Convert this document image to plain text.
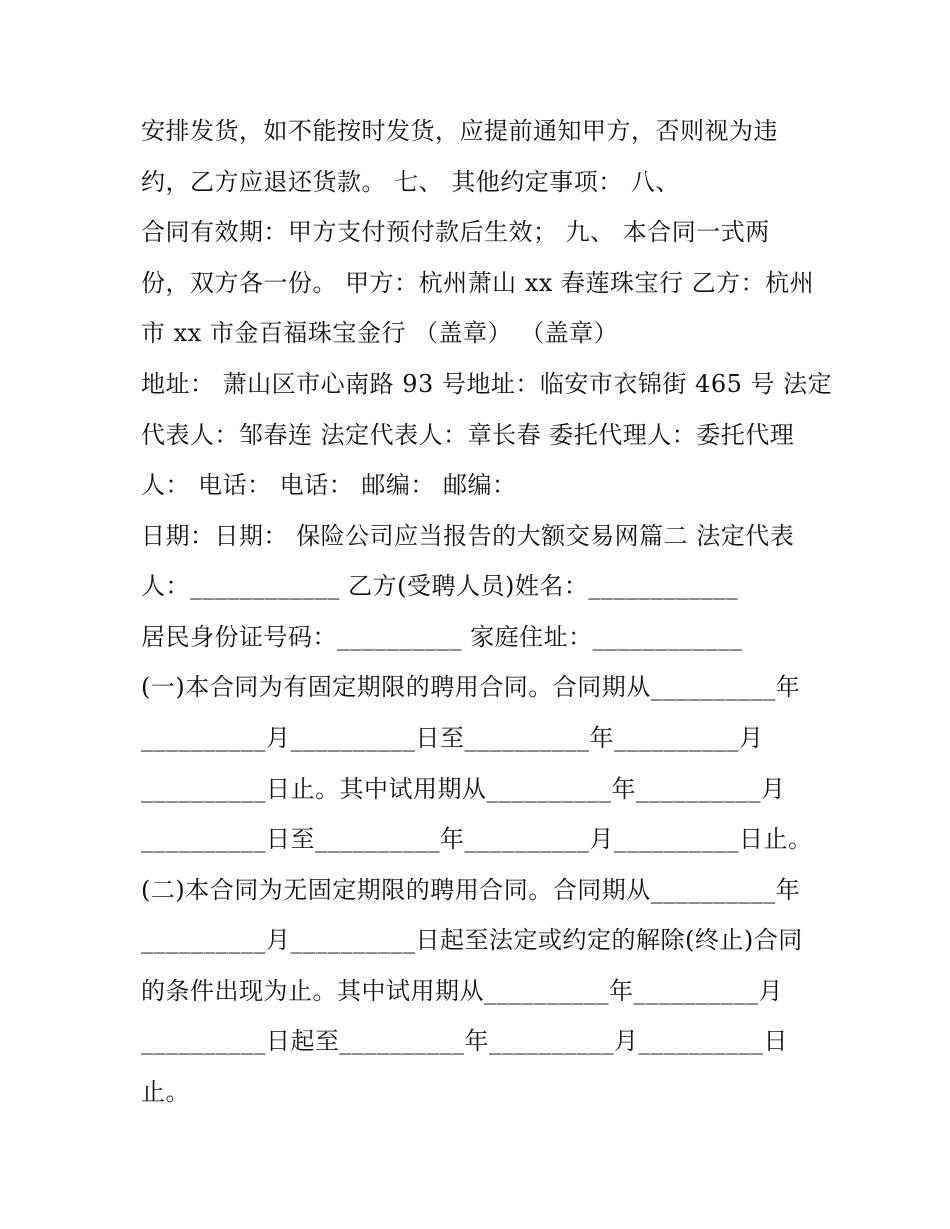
安排发货，如不能按时发货，应提前通知甲方，否则视为违
约，乙方应退还货款。 七、 其他约定事项： 八、
合同有效期：甲方支付预付款后生效； 九、 本合同一式两
份，双方各一份。 甲方：杭州萧山 xx 春莲珠宝行 乙方：杭州
市 xx 市金百福珠宝金行 （盖章） （盖章）
地址： 萧山区市心南路 93 号地址：临安市衣锦街 465 号 法定
代表人：邹春连 法定代表人：章长春 委托代理人：委托代理
人： 电话： 电话： 邮编： 邮编：
日期：日期： 保险公司应当报告的大额交易网篇二 法定代表
人：____________ 乙方(受聘人员)姓名：____________
居民身份证号码：__________ 家庭住址：____________
(一)本合同为有固定期限的聘用合同。合同期从__________年
__________月__________日至__________年__________月
__________日止。其中试用期从__________年__________月
__________日至__________年__________月__________日止。
(二)本合同为无固定期限的聘用合同。合同期从__________年
__________月__________日起至法定或约定的解除(终止)合同
的条件出现为止。其中试用期从__________年__________月
__________日起至__________年__________月__________日
止。
